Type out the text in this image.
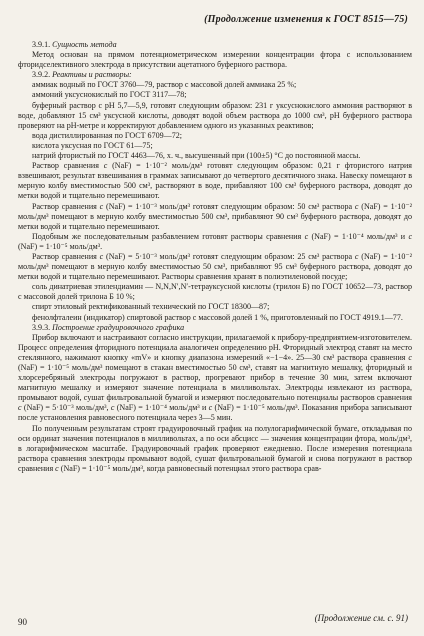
(Продолжение изменения к ГОСТ 8515—75)

3.9.1. Сущность метода

Метод основан на прямом потенциометрическом измерении концентрации фтора с использованием фторидселективного электрода в присутствии ацетатного буферного раствора.

3.9.2. Реактивы и растворы:

аммиак водный по ГОСТ 3760—79, раствор с массовой долей аммиака 25 %;

аммоний уксуснокислый по ГОСТ 3117—78;

буферный раствор с рН 5,7—5,9, готовят следующим образом: 231 г уксуснокислого аммония растворяют в воде, добавляют 15 см³ уксусной кислоты, доводят водой объем раствора до 1000 см³, рН буферного раствора проверяют на рН-метре и корректируют добавлением одного из указанных реактивов;

вода дистиллированная по ГОСТ 6709—72;

кислота уксусная по ГОСТ 61—75;

натрий фтористый по ГОСТ 4463—76, х. ч., высушенный при (100±5) °С до постоянной массы.

Раствор сравнения c (NaF) = 1·10⁻² моль/дм³ готовят следующим образом: 0,21 г фтористого натрия взвешивают, результат взвешивания в граммах записывают до четвертого десятичного знака. Навеску помещают в мерную колбу вместимостью 500 см³, растворяют в воде, прибавляют 100 см³ буферного раствора, доводят до метки водой и тщательно перемешивают.

Раствор сравнения c (NaF) = 1·10⁻³ моль/дм³ готовят следующим образом: 50 см³ раствора c (NaF) = 1·10⁻² моль/дм³ помещают в мерную колбу вместимостью 500 см³, прибавляют 90 см³ буферного раствора, доводят до метки водой и тщательно перемешивают.

Подобным же последовательным разбавлением готовят растворы сравнения c (NaF) = 1·10⁻⁴ моль/дм³ и c (NaF) = 1·10⁻⁵ моль/дм³.

Раствор сравнения c (NaF) = 5·10⁻³ моль/дм³ готовят следующим образом: 25 см³ раствора c (NaF) = 1·10⁻² моль/дм³ помещают в мерную колбу вместимостью 50 см³, прибавляют 95 см³ буферного раствора, доводят до метки водой и тщательно перемешивают. Растворы сравнения хранят в полиэтиленовой посуде;

соль динатриевая этилендиамин — N,N,N′,N′-тетрауксусной кислоты (трилон Б) по ГОСТ 10652—73, раствор с массовой долей трилона Б 10 %;

спирт этиловый ректификованный технический по ГОСТ 18300—87;

фенолфталеин (индикатор) спиртовой раствор с массовой долей 1 %, приготовленный по ГОСТ 4919.1—77.

3.9.3. Построение градуировочного графика

Прибор включают и настраивают согласно инструкции, прилагаемой к прибору-предприятием-изготовителем. Процесс определения фторидного потенциала аналогичен определению рН. Фторидный электрод ставят на место стеклянного, нажимают кнопку «mV» и кнопку диапазона измерений «−1−4». 25—30 см³ раствора сравнения c (NaF) = 1·10⁻⁵ моль/дм³ помещают в стакан вместимостью 50 см³, ставят на магнитную мешалку, фторидный и хлорсеребряный электроды погружают в раствор, прогревают прибор в течение 30 мин, затем включают магнитную мешалку и измеряют значение потенциала в милливольтах. Электроды извлекают из раствора, промывают водой, сушат фильтровальной бумагой и измеряют последовательно потенциалы растворов сравнения c (NaF) = 5·10⁻³ моль/дм³, c (NaF) = 1·10⁻⁴ моль/дм³ и c (NaF) = 1·10⁻⁵ моль/дм³. Показания прибора записывают после установления равновесного потенциала через 3—5 мин.

По полученным результатам строят градуировочный график на полулогарифмической бумаге, откладывая по оси ординат значения потенциалов в милливольтах, а по оси абсцисс — значения концентрации фтора, моль/дм³, в логарифмическом масштабе. Градуировочный график проверяют ежедневно. После измерения потенциала раствора сравнения электроды промывают водой, сушат фильтровальной бумагой и снова погружают в раствор сравнения c (NaF) = 1·10⁻⁵ моль/дм³, когда равновесный потенциал этого раствора срав-

(Продолжение см. с. 91)
90
